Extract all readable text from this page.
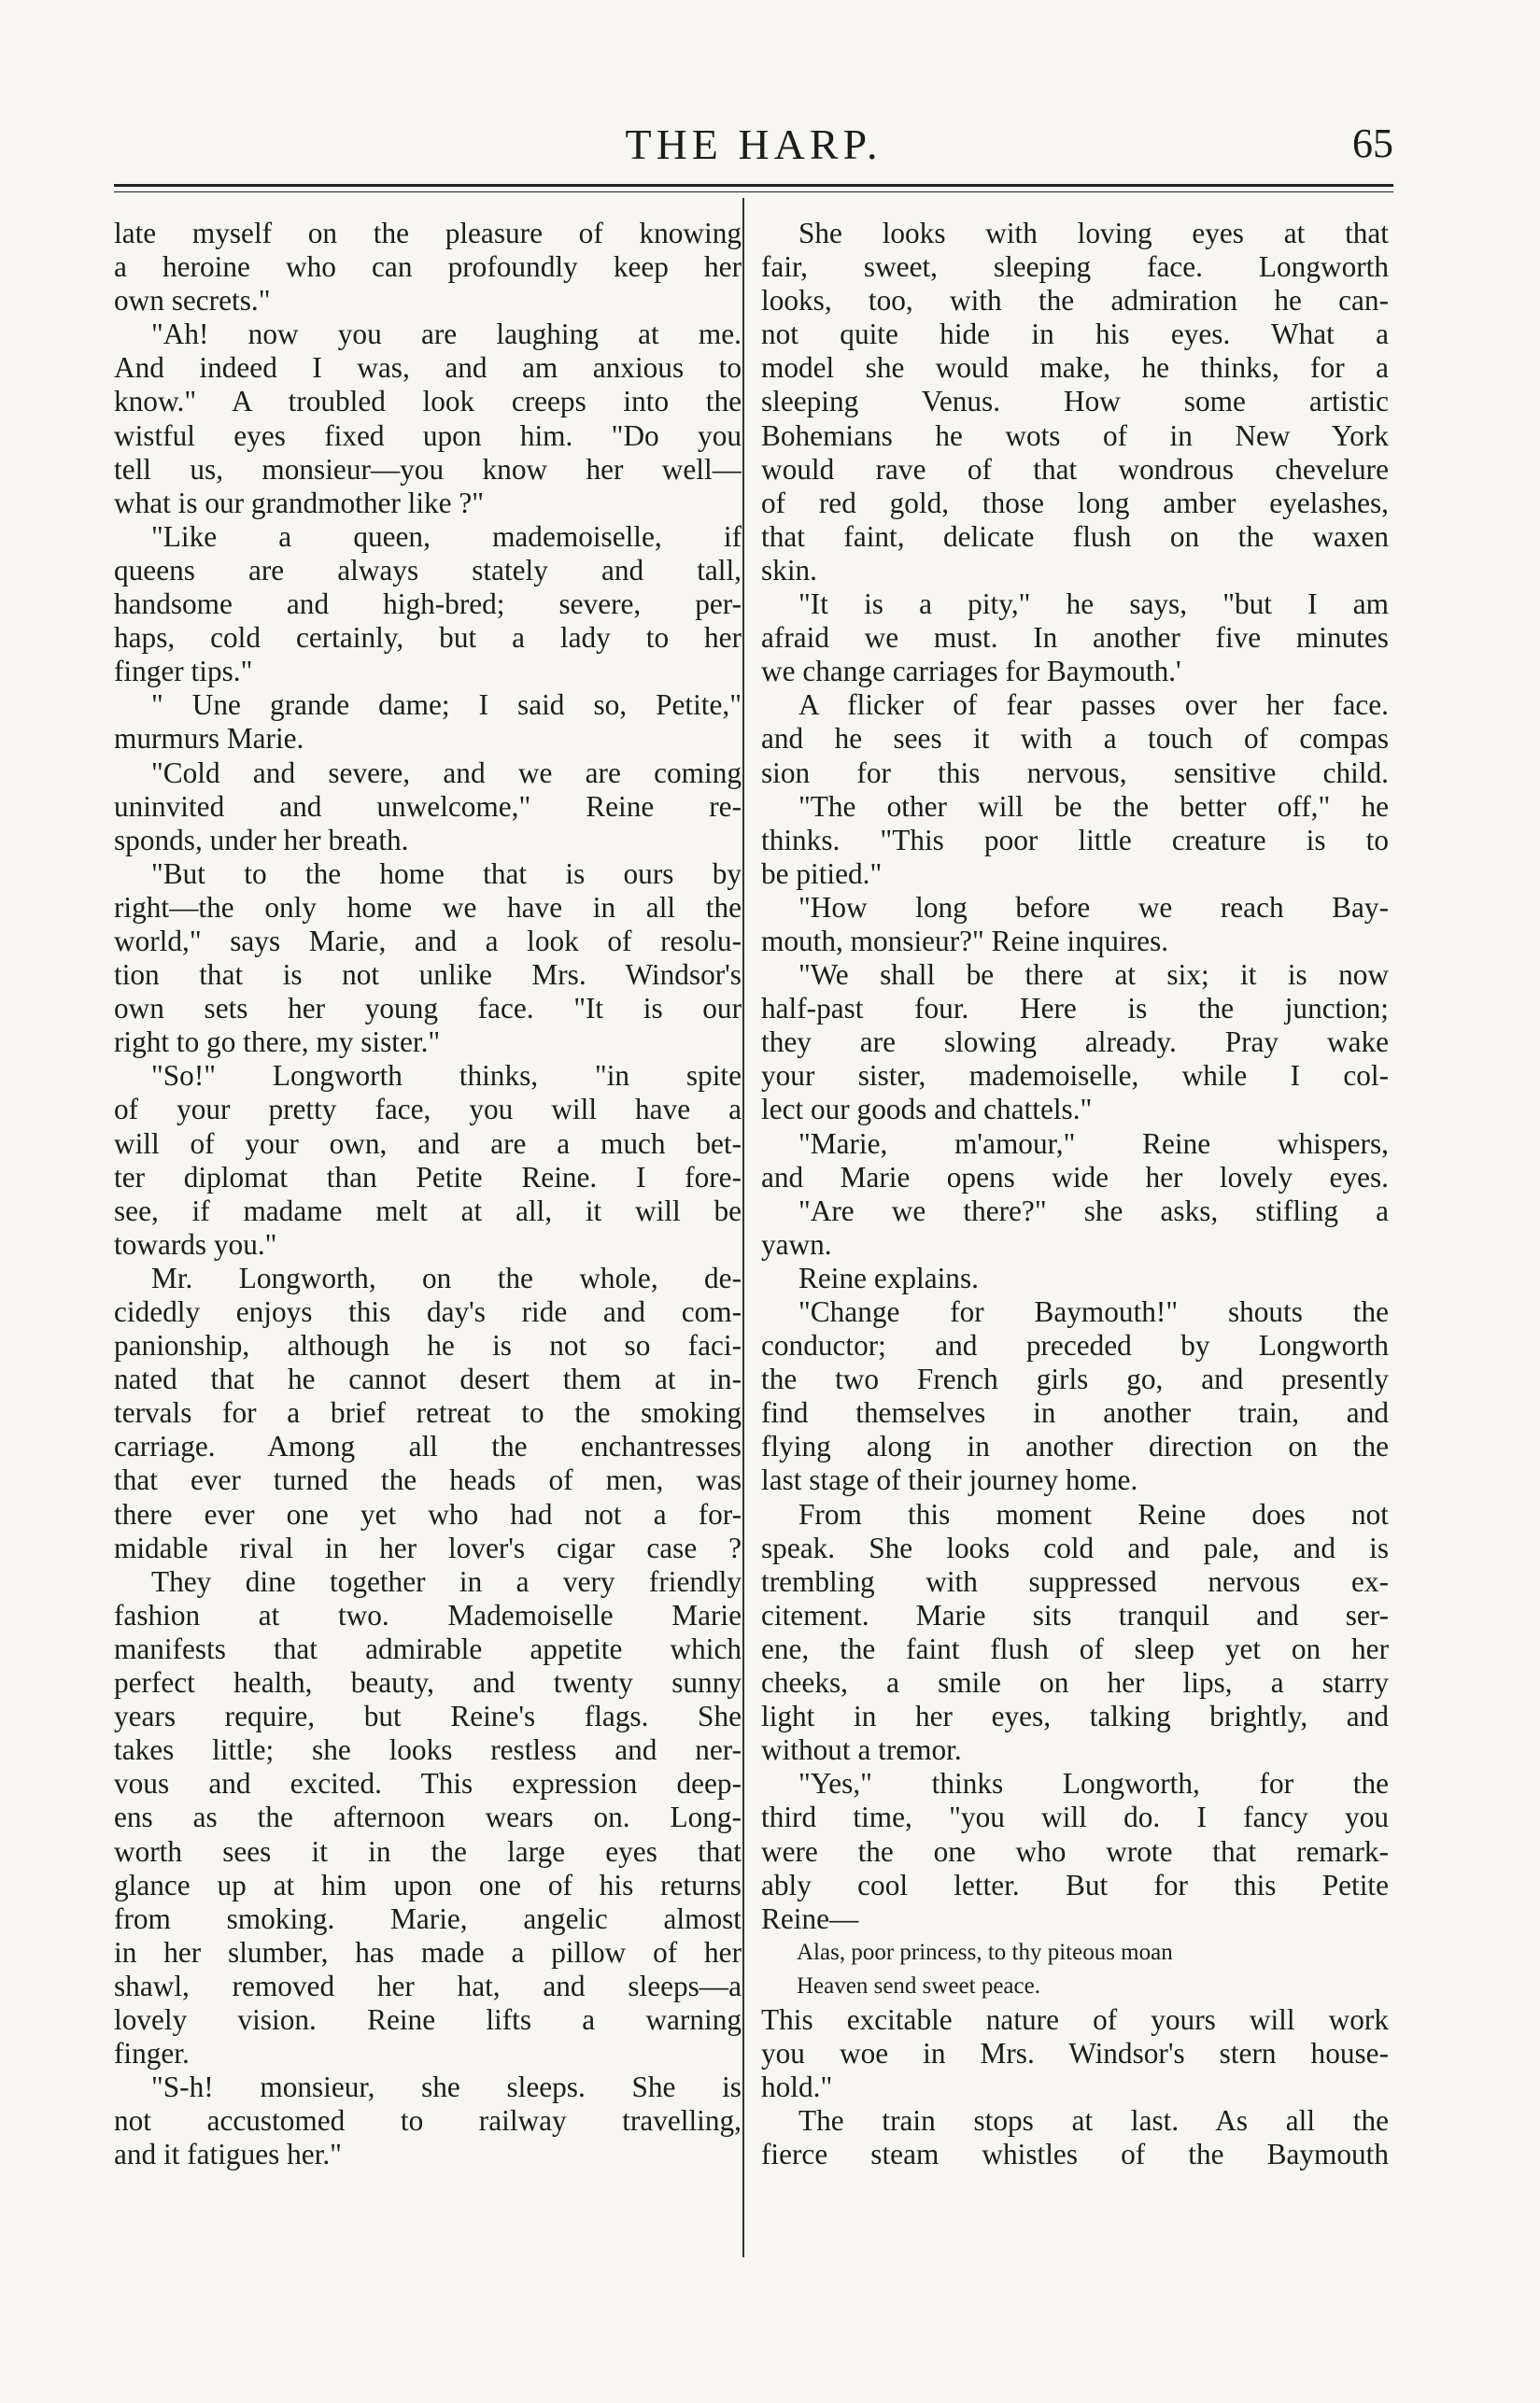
THE HARP.	65
late myself on the pleasure of knowing
a heroine who can profoundly keep her
own secrets."
"Ah! now you are laughing at me.
And indeed I was, and am anxious to
know." A troubled look creeps into the
wistful eyes fixed upon him. "Do you
tell us, monsieur—you know her well—
what is our grandmother like ?"
"Like a queen, mademoiselle, if
queens are always stately and tall,
handsome and high-bred; severe, per-
haps, cold certainly, but a lady to her
finger tips."
" Une grande dame; I said so, Petite,"
murmurs Marie.
"Cold and severe, and we are coming
uninvited and unwelcome," Reine re-
sponds, under her breath.
"But to the home that is ours by
right—the only home we have in all the
world," says Marie, and a look of resolu-
tion that is not unlike Mrs. Windsor's
own sets her young face. "It is our
right to go there, my sister."
"So!" Longworth thinks, "in spite
of your pretty face, you will have a
will of your own, and are a much bet-
ter diplomat than Petite Reine. I fore-
see, if madame melt at all, it will be
towards you."
Mr. Longworth, on the whole, de-
cidedly enjoys this day's ride and com-
panionship, although he is not so faci-
nated that he cannot desert them at in-
tervals for a brief retreat to the smoking
carriage. Among all the enchantresses
that ever turned the heads of men, was
there ever one yet who had not a for-
midable rival in her lover's cigar case ?
They dine together in a very friendly
fashion at two. Mademoiselle Marie
manifests that admirable appetite which
perfect health, beauty, and twenty sunny
years require, but Reine's flags. She
takes little; she looks restless and ner-
vous and excited. This expression deep-
ens as the afternoon wears on. Long-
worth sees it in the large eyes that
glance up at him upon one of his returns
from smoking. Marie, angelic almost
in her slumber, has made a pillow of her
shawl, removed her hat, and sleeps—a
lovely vision. Reine lifts a warning
finger.
"S-h! monsieur, she sleeps. She is
not accustomed to railway travelling,
and it fatigues her."
She looks with loving eyes at that
fair, sweet, sleeping face. Longworth
looks, too, with the admiration he can-
not quite hide in his eyes. What a
model she would make, he thinks, for a
sleeping Venus. How some artistic
Bohemians he wots of in New York
would rave of that wondrous chevelure
of red gold, those long amber eyelashes,
that faint, delicate flush on the waxen
skin.
"It is a pity," he says, "but I am
afraid we must. In another five minutes
we change carriages for Baymouth.'
A flicker of fear passes over her face.
and he sees it with a touch of compas
sion for this nervous, sensitive child.
"The other will be the better off," he
thinks. "This poor little creature is to
be pitied."
"How long before we reach Bay-
mouth, monsieur?" Reine inquires.
"We shall be there at six; it is now
half-past four. Here is the junction;
they are slowing already. Pray wake
your sister, mademoiselle, while I col-
lect our goods and chattels."
"Marie, m'amour," Reine whispers,
and Marie opens wide her lovely eyes.
"Are we there?" she asks, stifling a
yawn.
Reine explains.
"Change for Baymouth!" shouts the
conductor; and preceded by Longworth
the two French girls go, and presently
find themselves in another train, and
flying along in another direction on the
last stage of their journey home.
From this moment Reine does not
speak. She looks cold and pale, and is
trembling with suppressed nervous ex-
citement. Marie sits tranquil and ser-
ene, the faint flush of sleep yet on her
cheeks, a smile on her lips, a starry
light in her eyes, talking brightly, and
without a tremor.
"Yes," thinks Longworth, for the
third time, "you will do. I fancy you
were the one who wrote that remark-
ably cool letter. But for this Petite
Reine—
Alas, poor princess, to thy piteous moan
Heaven send sweet peace.
This excitable nature of yours will work
you woe in Mrs. Windsor's stern house-
hold."
The train stops at last. As all the
fierce steam whistles of the Baymouth
